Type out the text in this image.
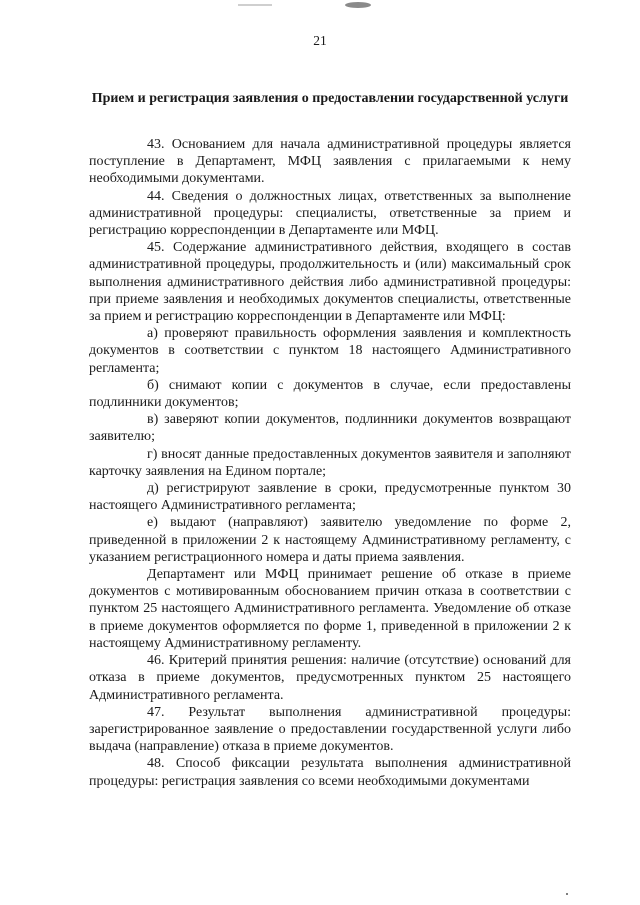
21
Прием и регистрация заявления о предоставлении государственной услуги

43. Основанием для начала административной процедуры является поступление в Департамент, МФЦ заявления с прилагаемыми к нему необходимыми документами.

44. Сведения о должностных лицах, ответственных за выполнение административной процедуры: специалисты, ответственные за прием и регистрацию корреспонденции в Департаменте или МФЦ.

45. Содержание административного действия, входящего в состав административной процедуры, продолжительность и (или) максимальный срок выполнения административного действия либо административной процедуры: при приеме заявления и необходимых документов специалисты, ответственные за прием и регистрацию корреспонденции в Департаменте или МФЦ:

а) проверяют правильность оформления заявления и комплектность документов в соответствии с пунктом 18 настоящего Административного регламента;

б) снимают копии с документов в случае, если предоставлены подлинники документов;

в) заверяют копии документов, подлинники документов возвращают заявителю;

г) вносят данные предоставленных документов заявителя и заполняют карточку заявления на Едином портале;

д) регистрируют заявление в сроки, предусмотренные пунктом 30 настоящего Административного регламента;

е) выдают (направляют) заявителю уведомление по форме 2, приведенной в приложении 2 к настоящему Административному регламенту, с указанием регистрационного номера и даты приема заявления.

Департамент или МФЦ принимает решение об отказе в приеме документов с мотивированным обоснованием причин отказа в соответствии с пунктом 25 настоящего Административного регламента. Уведомление об отказе в приеме документов оформляется по форме 1, приведенной в приложении 2 к настоящему Административному регламенту.

46. Критерий принятия решения: наличие (отсутствие) оснований для отказа в приеме документов, предусмотренных пунктом 25 настоящего Административного регламента.

47. Результат выполнения административной процедуры: зарегистрированное заявление о предоставлении государственной услуги либо выдача (направление) отказа в приеме документов.

48. Способ фиксации результата выполнения административной процедуры: регистрация заявления со всеми необходимыми документами
